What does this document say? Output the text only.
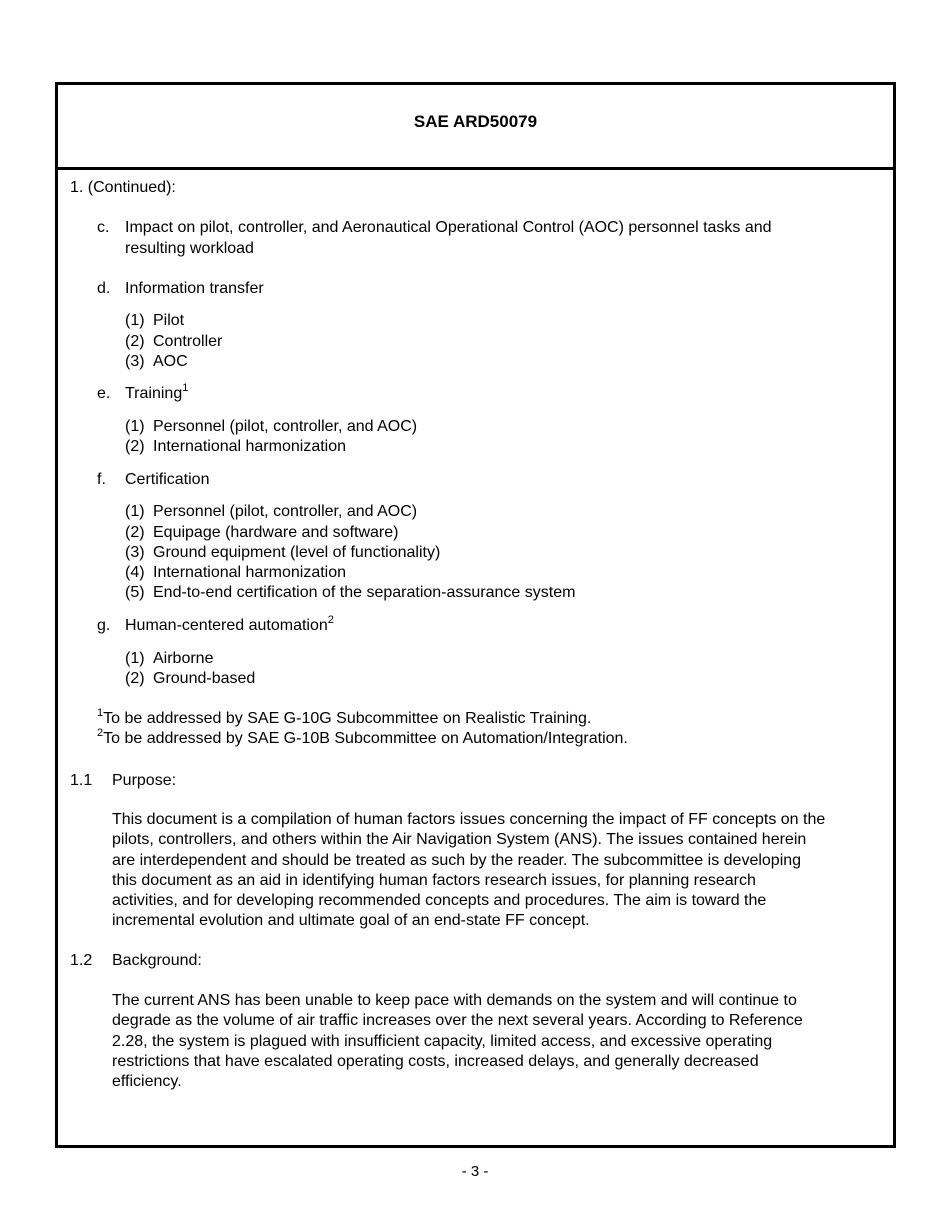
SAE ARD50079
1. (Continued):
c. Impact on pilot, controller, and Aeronautical Operational Control (AOC) personnel tasks and
resulting workload
d. Information transfer
(1) Pilot
(2) Controller
(3) AOC
e. Training$^1$
(1) Personnel (pilot, controller, and AOC)
(2) International harmonization
f. Certification
(1) Personnel (pilot, controller, and AOC)
(2) Equipage (hardware and software)
(3) Ground equipment (level of functionality)
(4) International harmonization
(5) End-to-end certification of the separation-assurance system
g. Human-centered automation$^2$
(1) Airborne
(2) Ground-based
$^1$To be addressed by SAE G-10G Subcommittee on Realistic Training.
$^2$To be addressed by SAE G-10B Subcommittee on Automation/Integration.
1.1 Purpose:
This document is a compilation of human factors issues concerning the impact of FF concepts on the
pilots, controllers, and others within the Air Navigation System (ANS). The issues contained herein
are interdependent and should be treated as such by the reader. The subcommittee is developing
this document as an aid in identifying human factors research issues, for planning research
activities, and for developing recommended concepts and procedures. The aim is toward the
incremental evolution and ultimate goal of an end-state FF concept.
1.2 Background:
The current ANS has been unable to keep pace with demands on the system and will continue to
degrade as the volume of air traffic increases over the next several years. According to Reference
2.28, the system is plagued with insufficient capacity, limited access, and excessive operating
restrictions that have escalated operating costs, increased delays, and generally decreased
efficiency.
- 3 -
